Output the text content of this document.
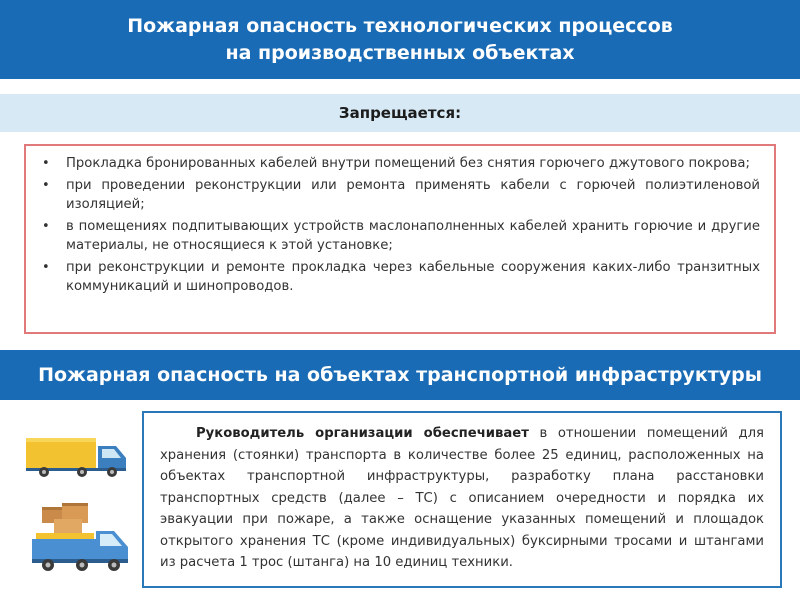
Пожарная опасность технологических процессов
на производственных объектах
Запрещается:
• Прокладка бронированных кабелей внутри помещений без снятия горючего джутового покрова;
• при проведении реконструкции или ремонта применять кабели с горючей полиэтиленовой изоляцией;
• в помещениях подпитывающих устройств маслонаполненных кабелей хранить горючие и другие материалы, не относящиеся к этой установке;
• при реконструкции и ремонте прокладка через кабельные сооружения каких-либо транзитных коммуникаций и шинопроводов.
Пожарная опасность на объектах транспортной инфраструктуры
Руководитель организации обеспечивает в отношении помещений для хранения (стоянки) транспорта в количестве более 25 единиц, расположенных на объектах транспортной инфраструктуры, разработку плана расстановки транспортных средств (далее – ТС) с описанием очередности и порядка их эвакуации при пожаре, а также оснащение указанных помещений и площадок открытого хранения ТС (кроме индивидуальных) буксирными тросами и штангами из расчета 1 трос (штанга) на 10 единиц техники.
